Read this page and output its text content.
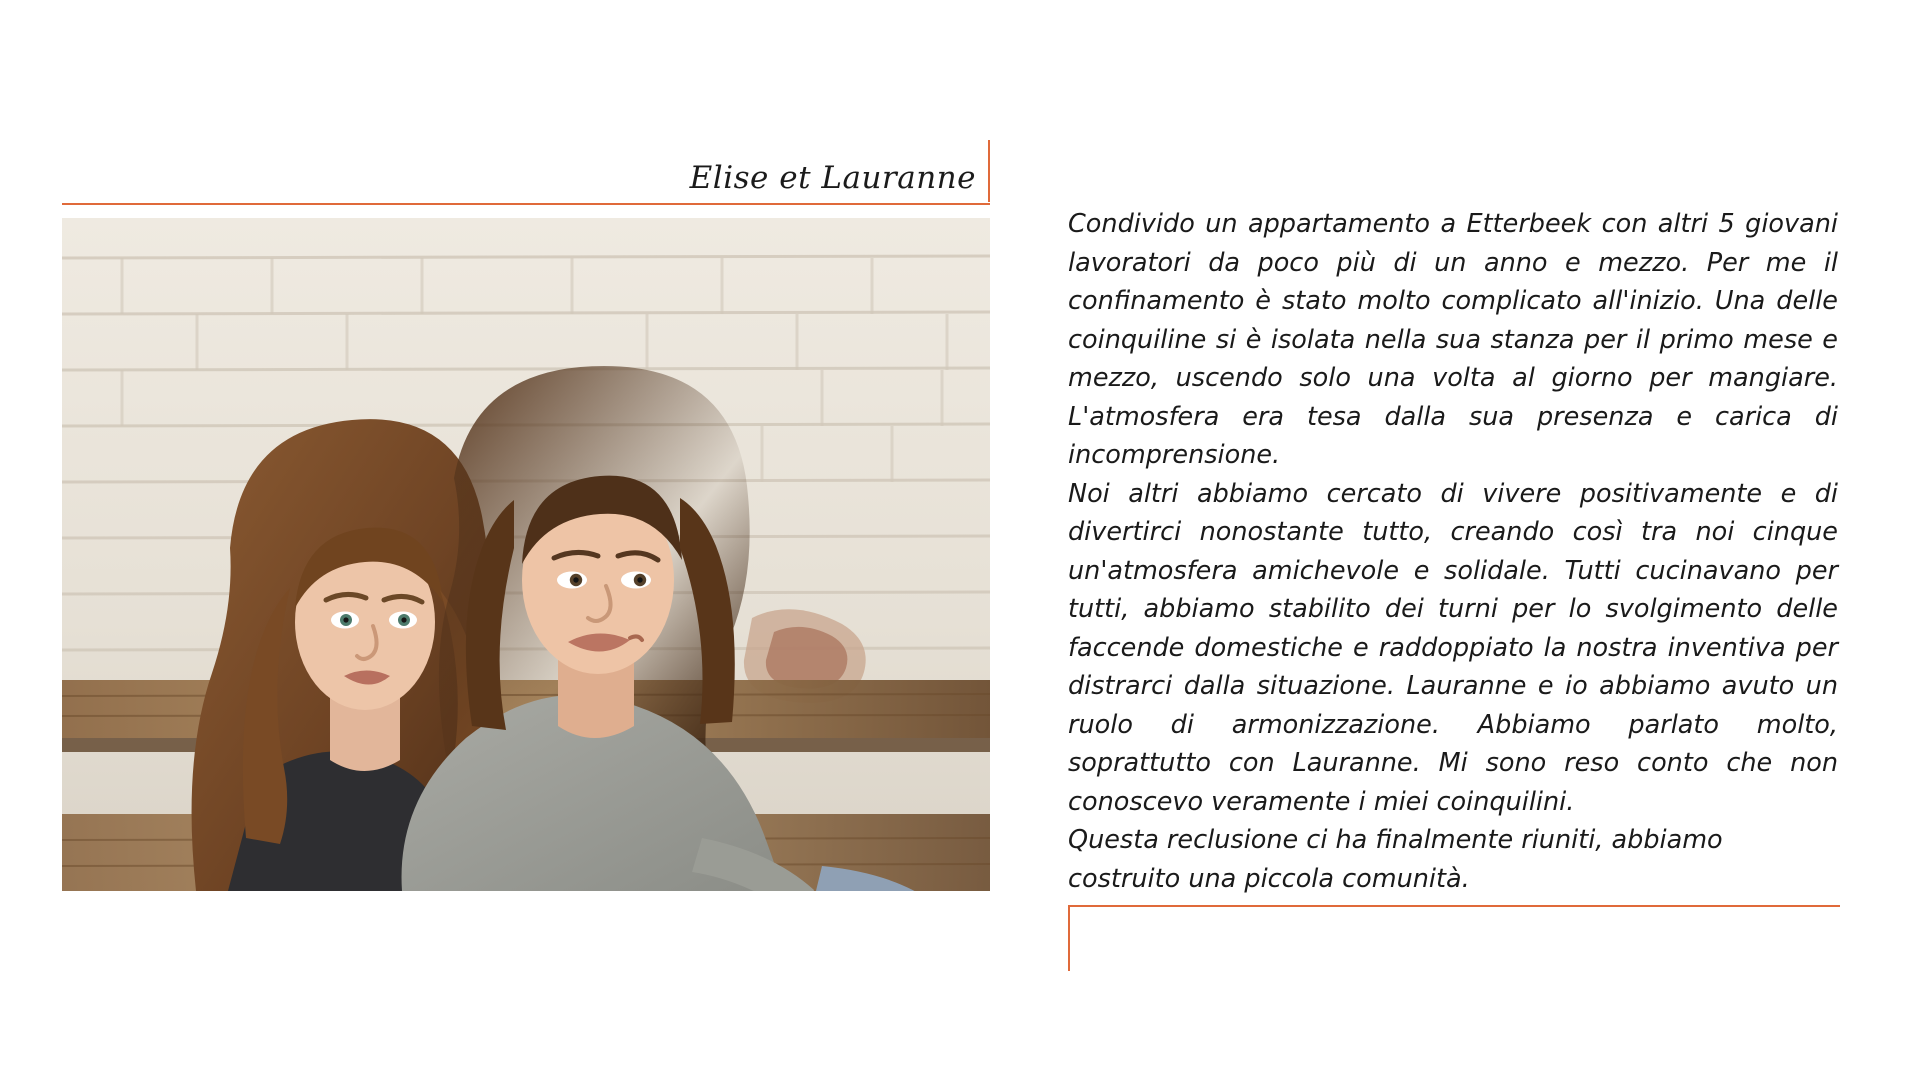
Elise et Lauranne

Condivido un appartamento a Etterbeek con altri 5 giovani lavoratori da poco più di un anno e mezzo. Per me il confinamento è stato molto complicato all'inizio. Una delle coinquiline si è isolata nella sua stanza per il primo mese e mezzo, uscendo solo una volta al giorno per mangiare. L'atmosfera era tesa dalla sua presenza e carica di incomprensione.

Noi altri abbiamo cercato di vivere positivamente e di divertirci nonostante tutto, creando così tra noi cinque un'atmosfera amichevole e solidale. Tutti cucinavano per tutti, abbiamo stabilito dei turni per lo svolgimento delle faccende domestiche e raddoppiato la nostra inventiva per distrarci dalla situazione. Lauranne e io abbiamo avuto un ruolo di armonizzazione. Abbiamo parlato molto, soprattutto con Lauranne. Mi sono reso conto che non conoscevo veramente i miei coinquilini.

Questa reclusione ci ha finalmente riuniti, abbiamo costruito una piccola comunità.
